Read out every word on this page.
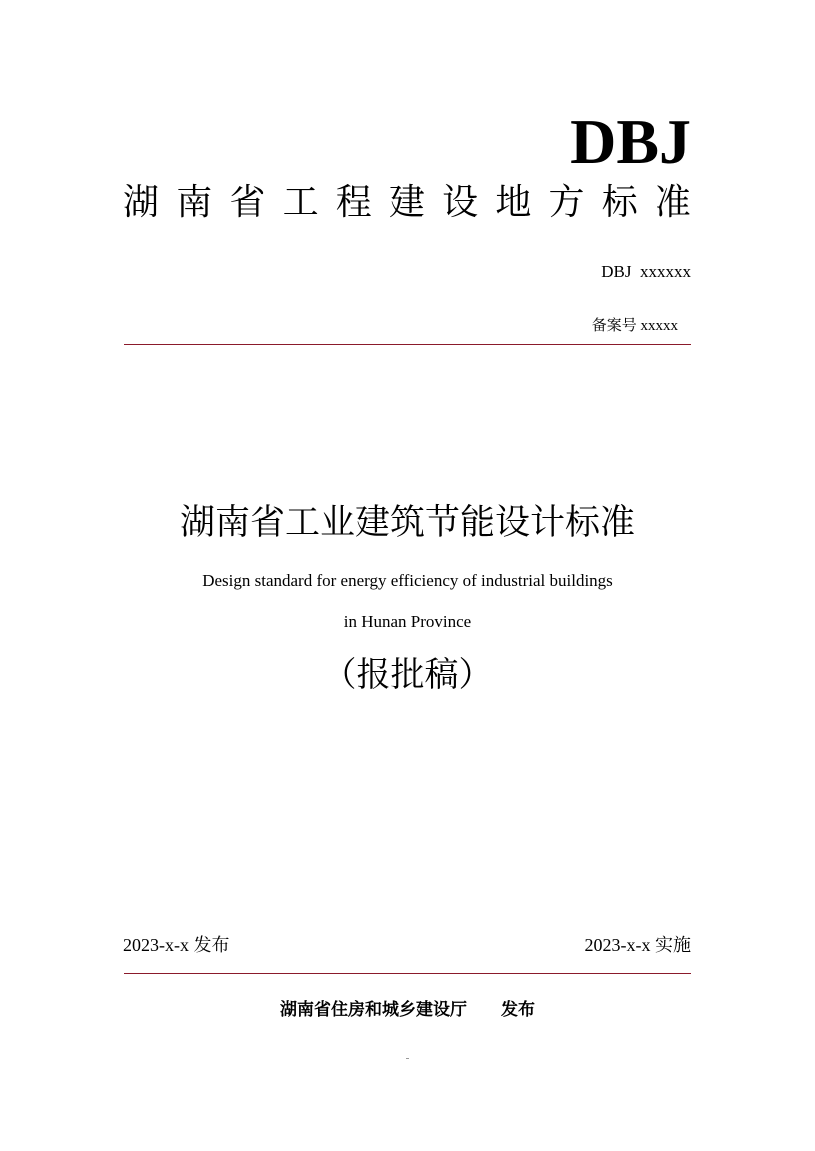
DBJ
湖 南 省 工 程 建 设 地 方 标 准
DBJ  xxxxxx
备案号 xxxxx
湖南省工业建筑节能设计标准
Design standard for energy efficiency of industrial buildings
in Hunan Province
（报批稿）
2023-x-x 发布	2023-x-x 实施
湖南省住房和城乡建设厅 发布
